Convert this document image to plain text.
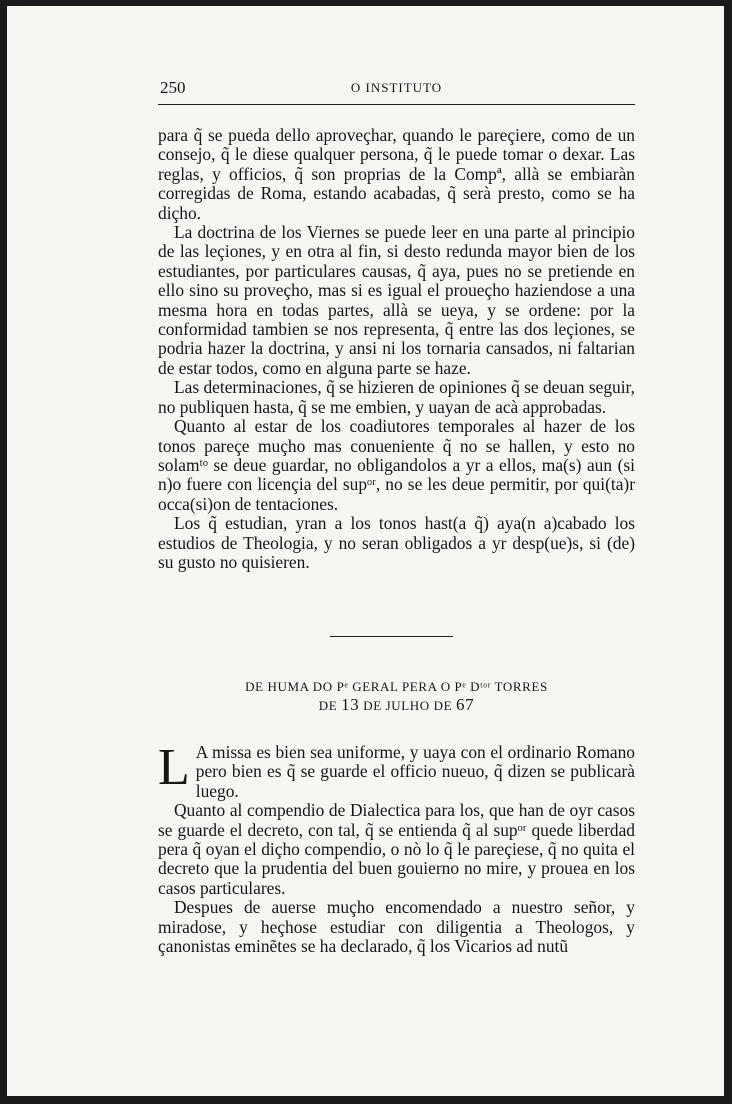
250	O INSTITUTO

para q̃ se pueda dello aproveçhar, quando le pareçiere, como de un consejo, q̃ le diese qualquer persona, q̃ le puede tomar o dexar. Las reglas, y officios, q̃ son proprias de la Compª, allà se embiaràn corregidas de Roma, estando acabadas, q̃ serà presto, como se ha diçho.

La doctrina de los Viernes se puede leer en una parte al principio de las leçiones, y en otra al fin, si desto redunda mayor bien de los estudiantes, por particulares causas, q̃ aya, pues no se pretiende en ello sino su proveçho, mas si es igual el proueçho haziendose a una mesma hora en todas partes, allà se ueya, y se ordene: por la conformidad tambien se nos representa, q̃ entre las dos leçiones, se podria hazer la doctrina, y ansi ni los tornaria cansados, ni faltarian de estar todos, como en alguna parte se haze.

Las determinaciones, q̃ se hizieren de opiniones q̃ se deuan seguir, no publiquen hasta, q̃ se me embien, y uayan de acà approbadas.

Quanto al estar de los coadiutores temporales al hazer de los tonos pareçe muçho mas conueniente q̃ no se hallen, y esto no solamᵗᵒ se deue guardar, no obligandolos a yr a ellos, ma(s) aun (si n)o fuere con licençia del supᵒʳ, no se les deue permitir, por qui(ta)r occa(si)on de tentaciones.

Los q̃ estudian, yran a los tonos hast(a q̃) aya(n a)cabado los estudios de Theologia, y no seran obligados a yr desp(ue)s, si (de) su gusto no quisieren.

DE HUMA DO Pᵉ GERAL PERA O Pᵉ Dᵗᵒʳ TORRES
DE 13 DE JULHO DE 67

L A missa es bien sea uniforme, y uaya con el ordinario Romano pero bien es q̃ se guarde el officio nueuo, q̃ dizen se publicarà luego.

Quanto al compendio de Dialectica para los, que han de oyr casos se guarde el decreto, con tal, q̃ se entienda q̃ al supᵒʳ quede liberdad pera q̃ oyan el diçho compendio, o nò lo q̃ le pareçiese, q̃ no quita el decreto que la prudentia del buen gouierno no mire, y prouea en los casos particulares.

Despues de auerse muçho encomendado a nuestro señor, y miradose, y heçhose estudiar con diligentia a Theologos, y çanonistas eminẽtes se ha declarado, q̃ los Vicarios ad nutũ
